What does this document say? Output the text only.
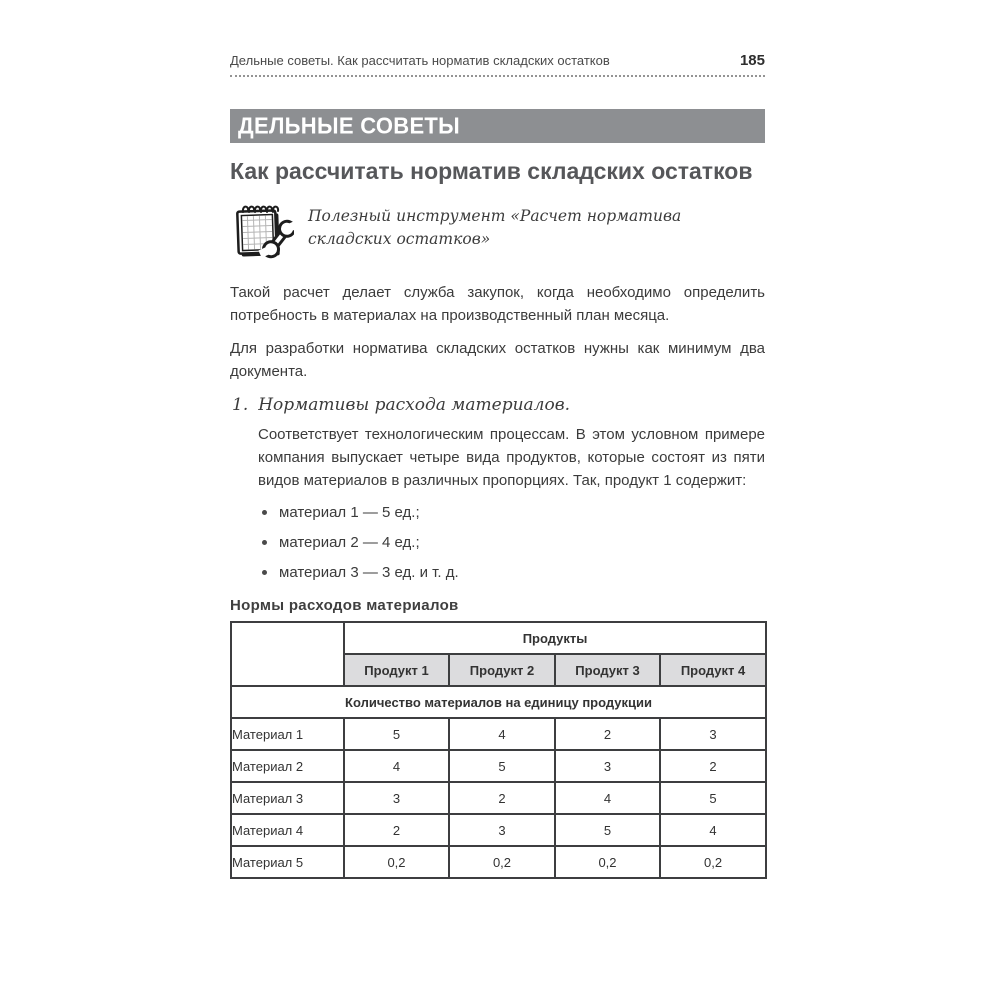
Дельные советы. Как рассчитать норматив складских остатков	185
ДЕЛЬНЫЕ СОВЕТЫ
Как рассчитать норматив складских остатков

Полезный инструмент «Расчет норматива складских остатков»

Такой расчет делает служба закупок, когда необходимо определить потребность в материалах на производственный план месяца.

Для разработки норматива складских остатков нужны как минимум два документа.

1. Нормативы расхода материалов.

Соответствует технологическим процессам. В этом условном примере компания выпускает четыре вида продуктов, которые состоят из пяти видов материалов в различных пропорциях. Так, продукт 1 содержит:

материал 1 — 5 ед.;
материал 2 — 4 ед.;
материал 3 — 3 ед. и т. д.
Нормы расходов материалов
	Продукты			
	Продукт 1	Продукт 2	Продукт 3	Продукт 4
Количество материалов на единицу продукции				
Материал 1	5	4	2	3
Материал 2	4	5	3	2
Материал 3	3	2	4	5
Материал 4	2	3	5	4
Материал 5	0,2	0,2	0,2	0,2
